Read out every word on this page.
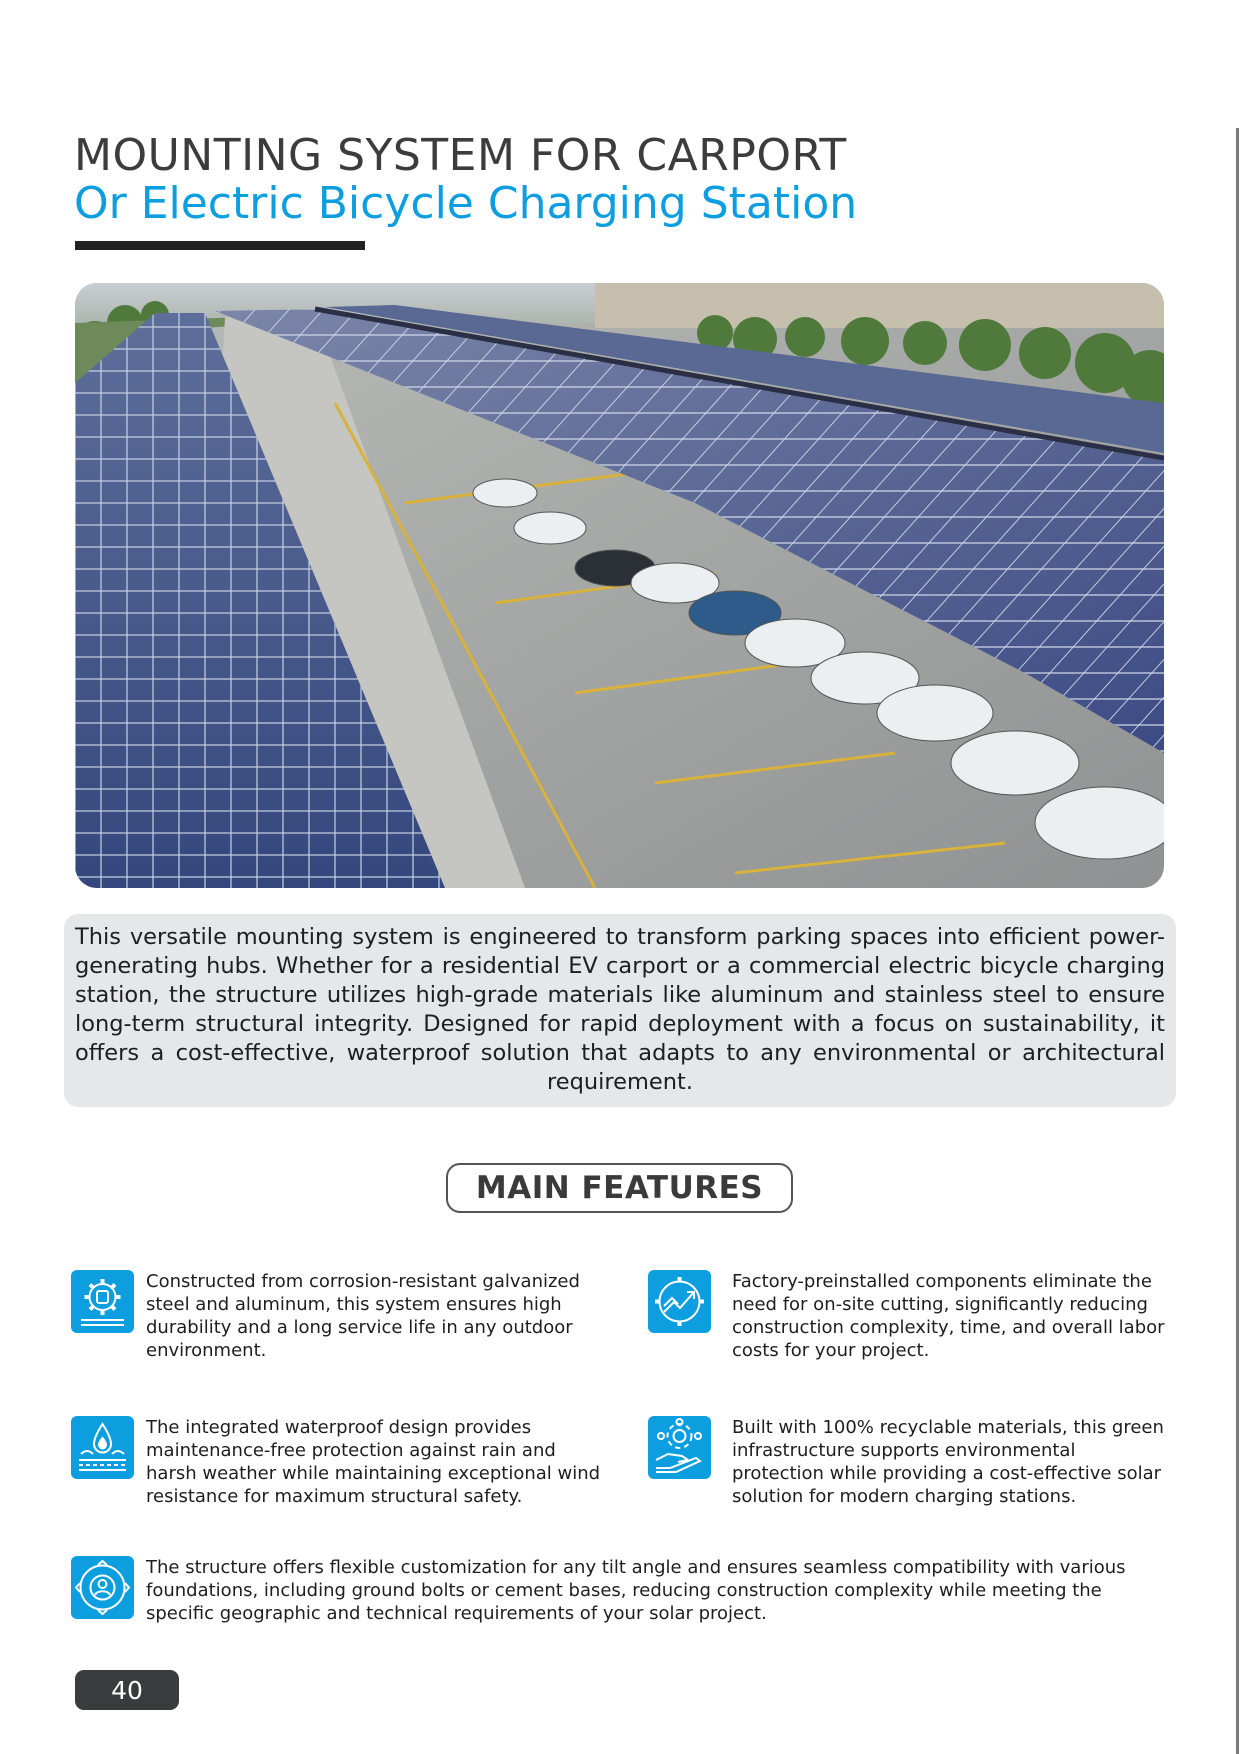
MOUNTING SYSTEM FOR CARPORT
Or Electric Bicycle Charging Station

This versatile mounting system is engineered to transform parking spaces into efficient power-generating hubs. Whether for a residential EV carport or a commercial electric bicycle charging station, the structure utilizes high-grade materials like aluminum and stainless steel to ensure long-term structural integrity. Designed for rapid deployment with a focus on sustainability, it offers a cost-effective, waterproof solution that adapts to any environmental or architectural requirement.

MAIN FEATURES

Constructed from corrosion-resistant galvanized steel and aluminum, this system ensures high durability and a long service life in any outdoor environment.

Factory-preinstalled components eliminate the need for on-site cutting, significantly reducing construction complexity, time, and overall labor costs for your project.

The integrated waterproof design provides maintenance-free protection against rain and harsh weather while maintaining exceptional wind resistance for maximum structural safety.

Built with 100% recyclable materials, this green infrastructure supports environmental protection while providing a cost-effective solar solution for modern charging stations.

The structure offers flexible customization for any tilt angle and ensures seamless compatibility with various foundations, including ground bolts or cement bases, reducing construction complexity while meeting the specific geographic and technical requirements of your solar project.

40
